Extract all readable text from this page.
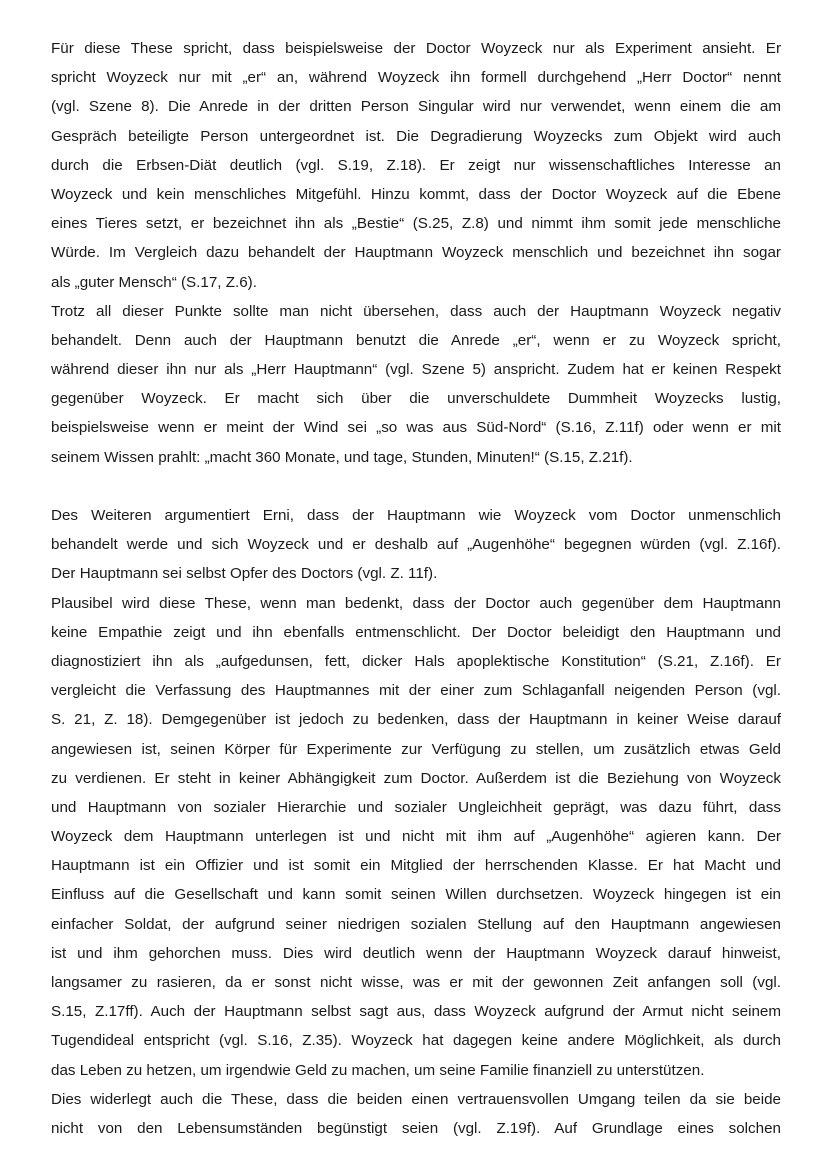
Für diese These spricht, dass beispielsweise der Doctor Woyzeck nur als Experiment ansieht. Er
spricht Woyzeck nur mit „er“ an, während Woyzeck ihn formell durchgehend „Herr Doctor“ nennt
(vgl. Szene 8). Die Anrede in der dritten Person Singular wird nur verwendet, wenn einem die am
Gespräch beteiligte Person untergeordnet ist. Die Degradierung Woyzecks zum Objekt wird auch
durch die Erbsen-Diät deutlich (vgl. S.19, Z.18). Er zeigt nur wissenschaftliches Interesse an
Woyzeck und kein menschliches Mitgefühl. Hinzu kommt, dass der Doctor Woyzeck auf die Ebene
eines Tieres setzt, er bezeichnet ihn als „Bestie“ (S.25, Z.8) und nimmt ihm somit jede menschliche
Würde. Im Vergleich dazu behandelt der Hauptmann Woyzeck menschlich und bezeichnet ihn sogar
als „guter Mensch“ (S.17, Z.6).
Trotz all dieser Punkte sollte man nicht übersehen, dass auch der Hauptmann Woyzeck negativ
behandelt. Denn auch der Hauptmann benutzt die Anrede „er“, wenn er zu Woyzeck spricht,
während dieser ihn nur als „Herr Hauptmann“ (vgl. Szene 5) anspricht. Zudem hat er keinen Respekt
gegenüber Woyzeck. Er macht sich über die unverschuldete Dummheit Woyzecks lustig,
beispielsweise wenn er meint der Wind sei „so was aus Süd-Nord“ (S.16, Z.11f) oder wenn er mit
seinem Wissen prahlt: „macht 360 Monate, und tage, Stunden, Minuten!“ (S.15, Z.21f).
Des Weiteren argumentiert Erni, dass der Hauptmann wie Woyzeck vom Doctor unmenschlich
behandelt werde und sich Woyzeck und er deshalb auf „Augenhöhe“ begegnen würden (vgl. Z.16f).
Der Hauptmann sei selbst Opfer des Doctors (vgl. Z. 11f).
Plausibel wird diese These, wenn man bedenkt, dass der Doctor auch gegenüber dem Hauptmann
keine Empathie zeigt und ihn ebenfalls entmenschlicht. Der Doctor beleidigt den Hauptmann und
diagnostiziert ihn als „aufgedunsen, fett, dicker Hals apoplektische Konstitution“ (S.21, Z.16f). Er
vergleicht die Verfassung des Hauptmannes mit der einer zum Schlaganfall neigenden Person (vgl.
S. 21, Z. 18). Demgegenüber ist jedoch zu bedenken, dass der Hauptmann in keiner Weise darauf
angewiesen ist, seinen Körper für Experimente zur Verfügung zu stellen, um zusätzlich etwas Geld
zu verdienen. Er steht in keiner Abhängigkeit zum Doctor. Außerdem ist die Beziehung von Woyzeck
und Hauptmann von sozialer Hierarchie und sozialer Ungleichheit geprägt, was dazu führt, dass
Woyzeck dem Hauptmann unterlegen ist und nicht mit ihm auf „Augenhöhe“ agieren kann. Der
Hauptmann ist ein Offizier und ist somit ein Mitglied der herrschenden Klasse. Er hat Macht und
Einfluss auf die Gesellschaft und kann somit seinen Willen durchsetzen. Woyzeck hingegen ist ein
einfacher Soldat, der aufgrund seiner niedrigen sozialen Stellung auf den Hauptmann angewiesen
ist und ihm gehorchen muss. Dies wird deutlich wenn der Hauptmann Woyzeck darauf hinweist,
langsamer zu rasieren, da er sonst nicht wisse, was er mit der gewonnen Zeit anfangen soll (vgl.
S.15, Z.17ff). Auch der Hauptmann selbst sagt aus, dass Woyzeck aufgrund der Armut nicht seinem
Tugendideal entspricht (vgl. S.16, Z.35). Woyzeck hat dagegen keine andere Möglichkeit, als durch
das Leben zu hetzen, um irgendwie Geld zu machen, um seine Familie finanziell zu unterstützen.
Dies widerlegt auch die These, dass die beiden einen vertrauensvollen Umgang teilen da sie beide
nicht von den Lebensumständen begünstigt seien (vgl. Z.19f). Auf Grundlage eines solchen
